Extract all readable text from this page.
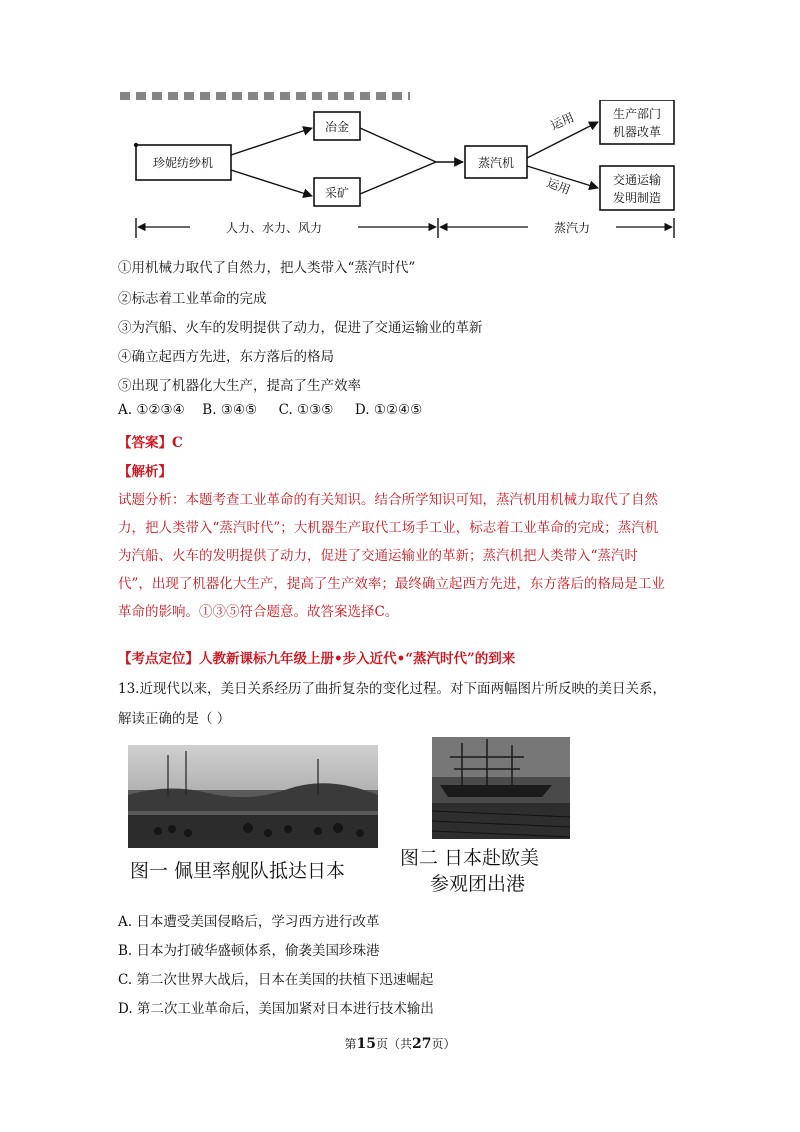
珍妮纺纱机
冶金
采矿
蒸汽机
生产部门
机器改革
交通运输
发明制造
运用
运用
人力、水力、风力	蒸汽力
①用机械力取代了自然力，把人类带入“蒸汽时代”
②标志着工业革命的完成
③为汽船、火车的发明提供了动力，促进了交通运输业的革新
④确立起西方先进，东方落后的格局
⑤出现了机器化大生产，提高了生产效率
A. ①②③④ B. ③④⑤ C. ①③⑤ D. ①②④⑤
【答案】C
【解析】
试题分析：本题考查工业革命的有关知识。结合所学知识可知，蒸汽机用机械力取代了自然
力，把人类带入“蒸汽时代”；大机器生产取代工场手工业，标志着工业革命的完成；蒸汽机
为汽船、火车的发明提供了动力，促进了交通运输业的革新；蒸汽机把人类带入“蒸汽时
代”，出现了机器化大生产，提高了生产效率；最终确立起西方先进，东方落后的格局是工业
革命的影响。①③⑤符合题意。故答案选择C。
【考点定位】人教新课标九年级上册•步入近代•“蒸汽时代”的到来
13.近现代以来，美日关系经历了曲折复杂的变化过程。对下面两幅图片所反映的美日关系，
解读正确的是（ ）
图一 佩里率舰队抵达日本
图二 日本赴欧美
参观团出港
A. 日本遭受美国侵略后，学习西方进行改革
B. 日本为打破华盛顿体系，偷袭美国珍珠港
C. 第二次世界大战后，日本在美国的扶植下迅速崛起
D. 第二次工业革命后，美国加紧对日本进行技术输出
第15页（共27页）
